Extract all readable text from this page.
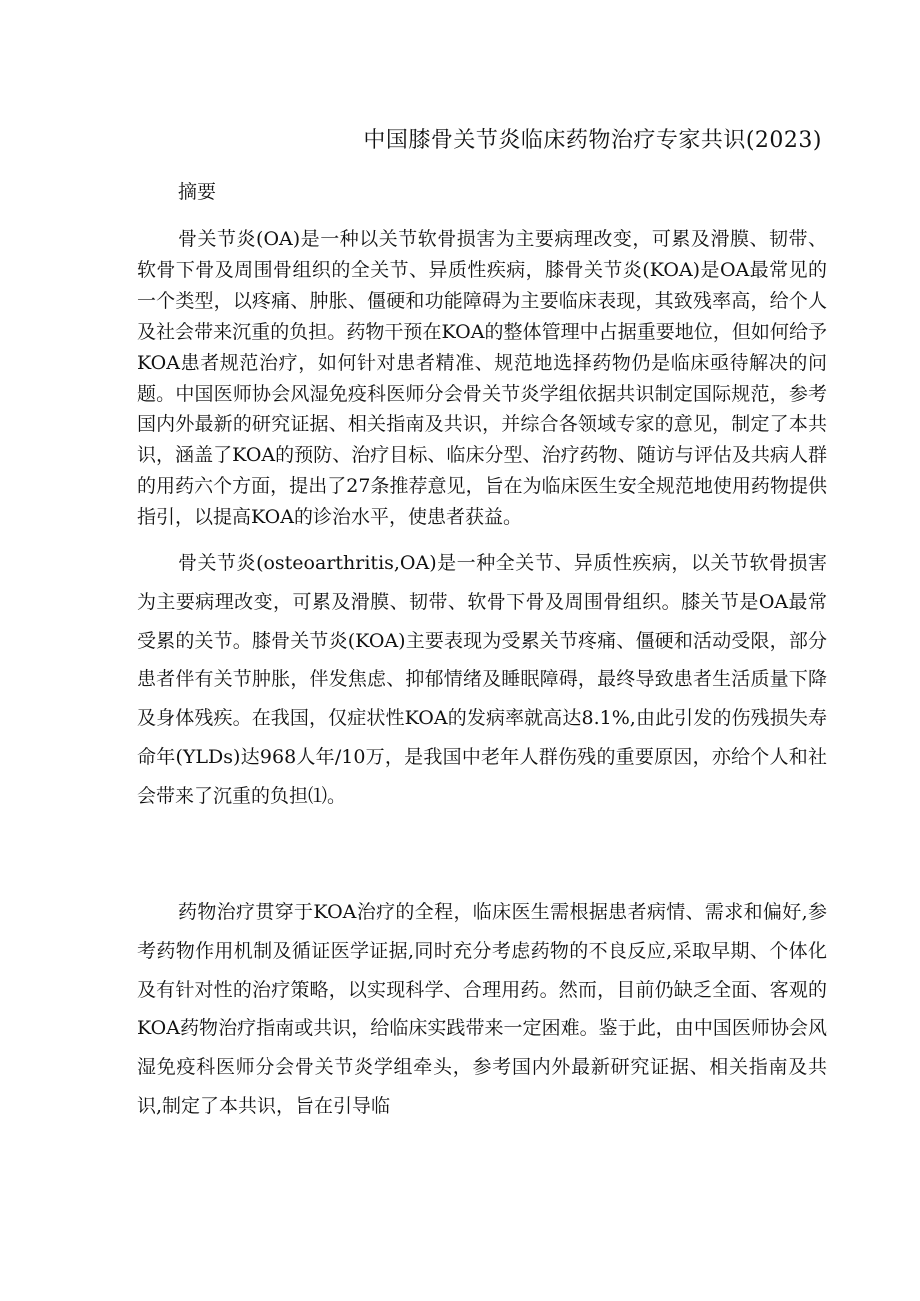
中国膝骨关节炎临床药物治疗专家共识(2023)
摘要

骨关节炎(OA)是一种以关节软骨损害为主要病理改变，可累及滑膜、韧带、软骨下骨及周围骨组织的全关节、异质性疾病，膝骨关节炎(KOA)是OA最常见的一个类型，以疼痛、肿胀、僵硬和功能障碍为主要临床表现，其致残率高，给个人及社会带来沉重的负担。药物干预在KOA的整体管理中占据重要地位，但如何给予KOA患者规范治疗，如何针对患者精准、规范地选择药物仍是临床亟待解决的问题。中国医师协会风湿免疫科医师分会骨关节炎学组依据共识制定国际规范，参考国内外最新的研究证据、相关指南及共识，并综合各领域专家的意见，制定了本共识，涵盖了KOA的预防、治疗目标、临床分型、治疗药物、随访与评估及共病人群的用药六个方面，提出了27条推荐意见，旨在为临床医生安全规范地使用药物提供指引，以提高KOA的诊治水平，使患者获益。

骨关节炎(osteoarthritis,OA)是一种全关节、异质性疾病，以关节软骨损害为主要病理改变，可累及滑膜、韧带、软骨下骨及周围骨组织。膝关节是OA最常受累的关节。膝骨关节炎(KOA)主要表现为受累关节疼痛、僵硬和活动受限，部分患者伴有关节肿胀，伴发焦虑、抑郁情绪及睡眠障碍，最终导致患者生活质量下降及身体残疾。在我国，仅症状性KOA的发病率就高达8.1%,由此引发的伤残损失寿命年(YLDs)达968人年/10万，是我国中老年人群伤残的重要原因，亦给个人和社会带来了沉重的负担⑴。

药物治疗贯穿于KOA治疗的全程，临床医生需根据患者病情、需求和偏好,参考药物作用机制及循证医学证据,同时充分考虑药物的不良反应,采取早期、个体化及有针对性的治疗策略，以实现科学、合理用药。然而，目前仍缺乏全面、客观的KOA药物治疗指南或共识，给临床实践带来一定困难。鉴于此，由中国医师协会风湿免疫科医师分会骨关节炎学组牵头，参考国内外最新研究证据、相关指南及共识,制定了本共识，旨在引导临
